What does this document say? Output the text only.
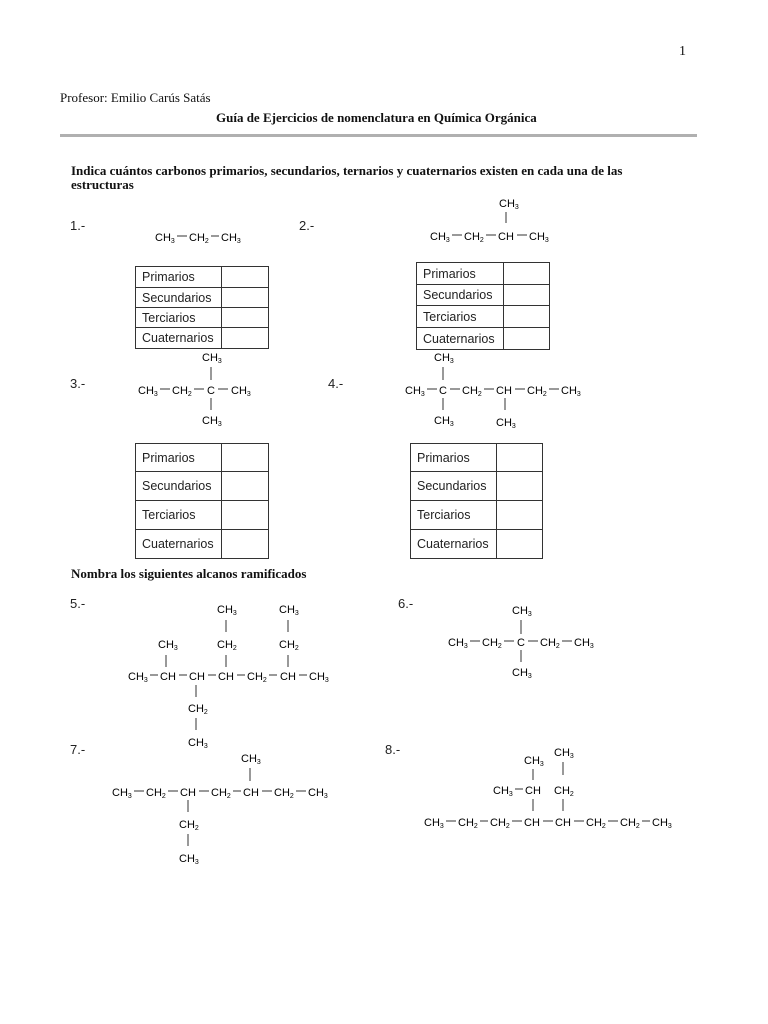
1
Profesor: Emilio Carús Satás
Guía de Ejercicios de nomenclatura en Química Orgánica
Indica cuántos carbonos primarios, secundarios, ternarios y cuaternarios existen en cada una de las
estructuras
1.-
CH3 CH2 CH3
2.-
CH3
CH3 CH2 CH CH3
Primarios	
Secundarios	
Terciarios	
Cuaternarios	
Primarios	
Secundarios	
Terciarios	
Cuaternarios	
3.-
CH3
CH3 CH2 C CH3
CH3
4.-
CH3
CH3 C CH2 CH CH2 CH3
CH3	CH3
Primarios	
Secundarios	
Terciarios	
Cuaternarios	
Primarios	
Secundarios	
Terciarios	
Cuaternarios	
Nombra los siguientes alcanos ramificados
5.-	CH3	CH3
CH3	CH2	CH2
CH3 CH CH CH CH2 CH CH3
CH2
CH3
6.-	CH3
CH3 CH2 C CH2 CH3
CH3
7.-
CH3
CH3 CH2 CH CH2 CH CH2 CH3
CH2
CH3
8.-	CH3
CH3
CH3 CH CH2
CH3 CH2 CH2 CH CH CH2 CH2 CH3
